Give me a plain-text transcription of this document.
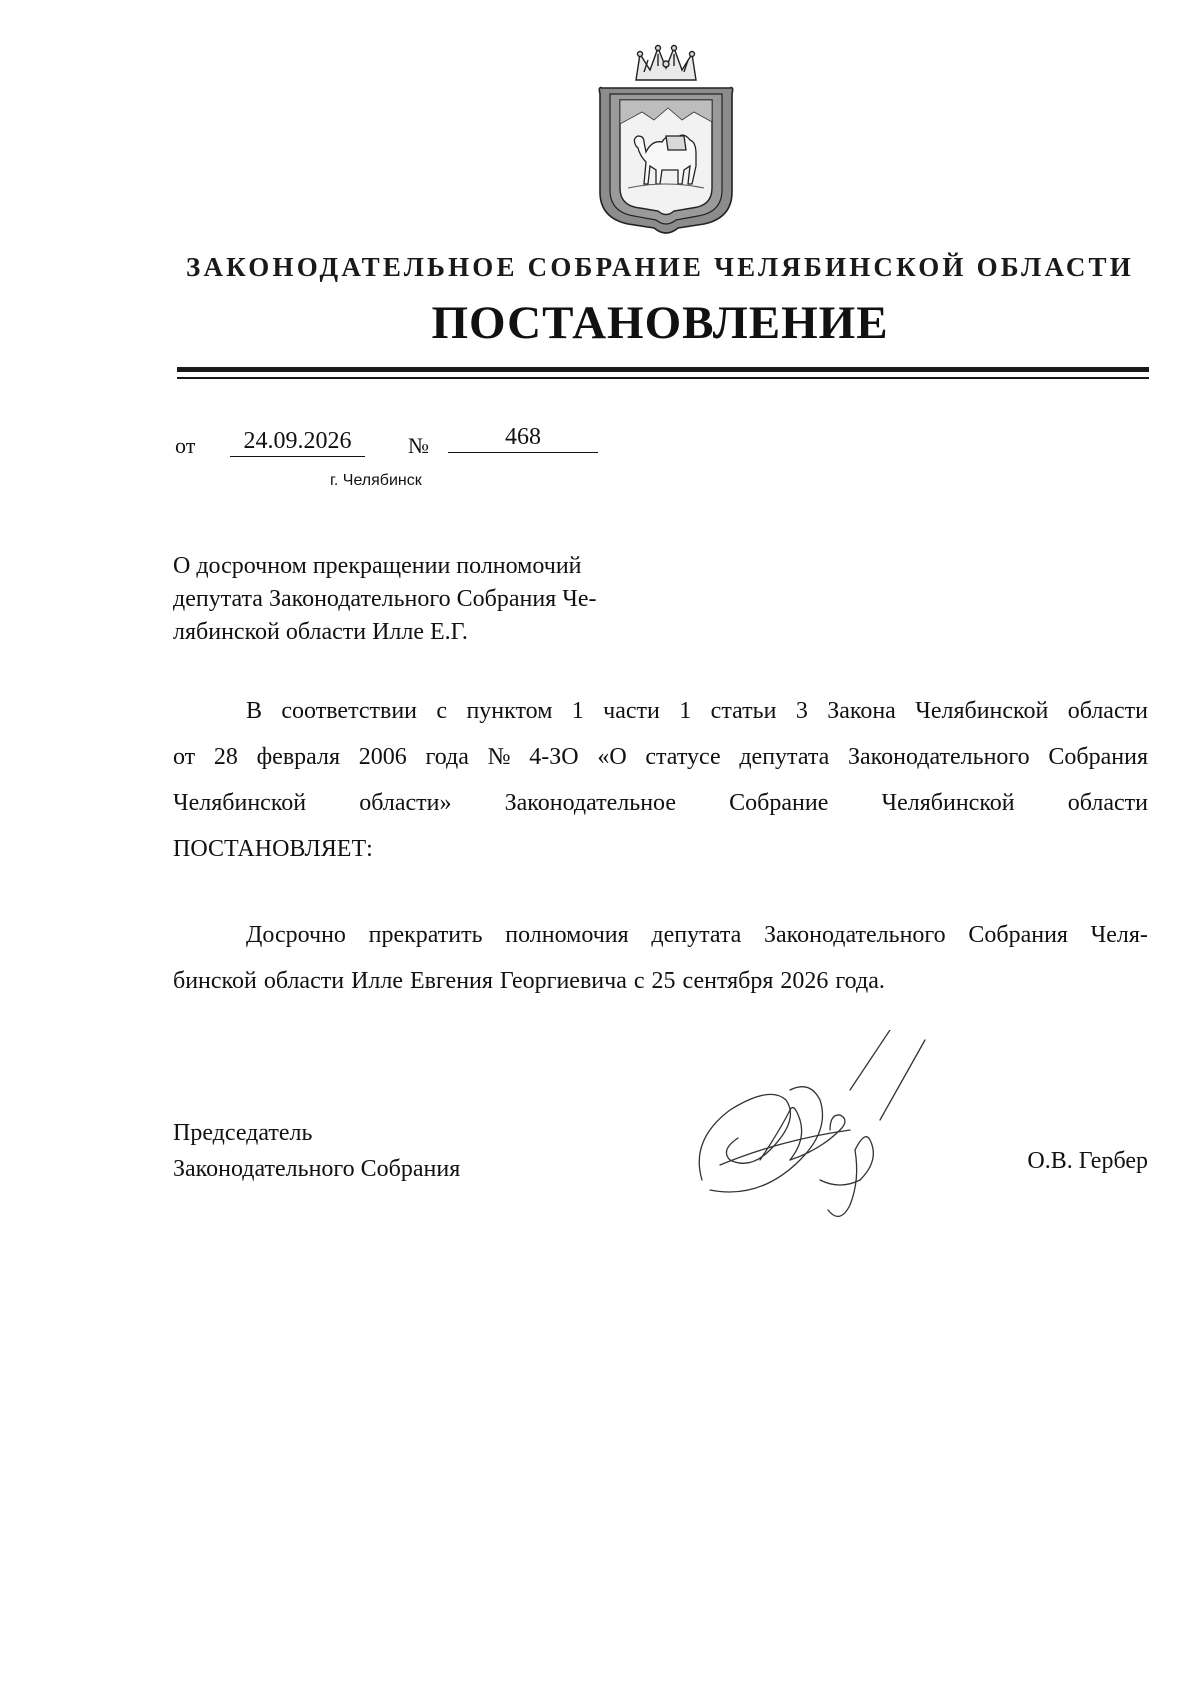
ЗАКОНОДАТЕЛЬНОЕ СОБРАНИЕ ЧЕЛЯБИНСКОЙ ОБЛАСТИ
ПОСТАНОВЛЕНИЕ
от	24.09.2026	№	468
г. Челябинск
О досрочном прекращении полномочий
депутата Законодательного Собрания Че-
лябинской области Илле Е.Г.
В соответствии с пунктом 1 части 1 статьи 3 Закона Челябинской области
от 28 февраля 2006 года № 4-ЗО «О статусе депутата Законодательного Собрания
Челябинской области» Законодательное Собрание Челябинской области
ПОСТАНОВЛЯЕТ:
Досрочно прекратить полномочия депутата Законодательного Собрания Челя-
бинской области Илле Евгения Георгиевича с 25 сентября 2026 года.
Председатель
Законодательного Собрания	О.В. Гербер
